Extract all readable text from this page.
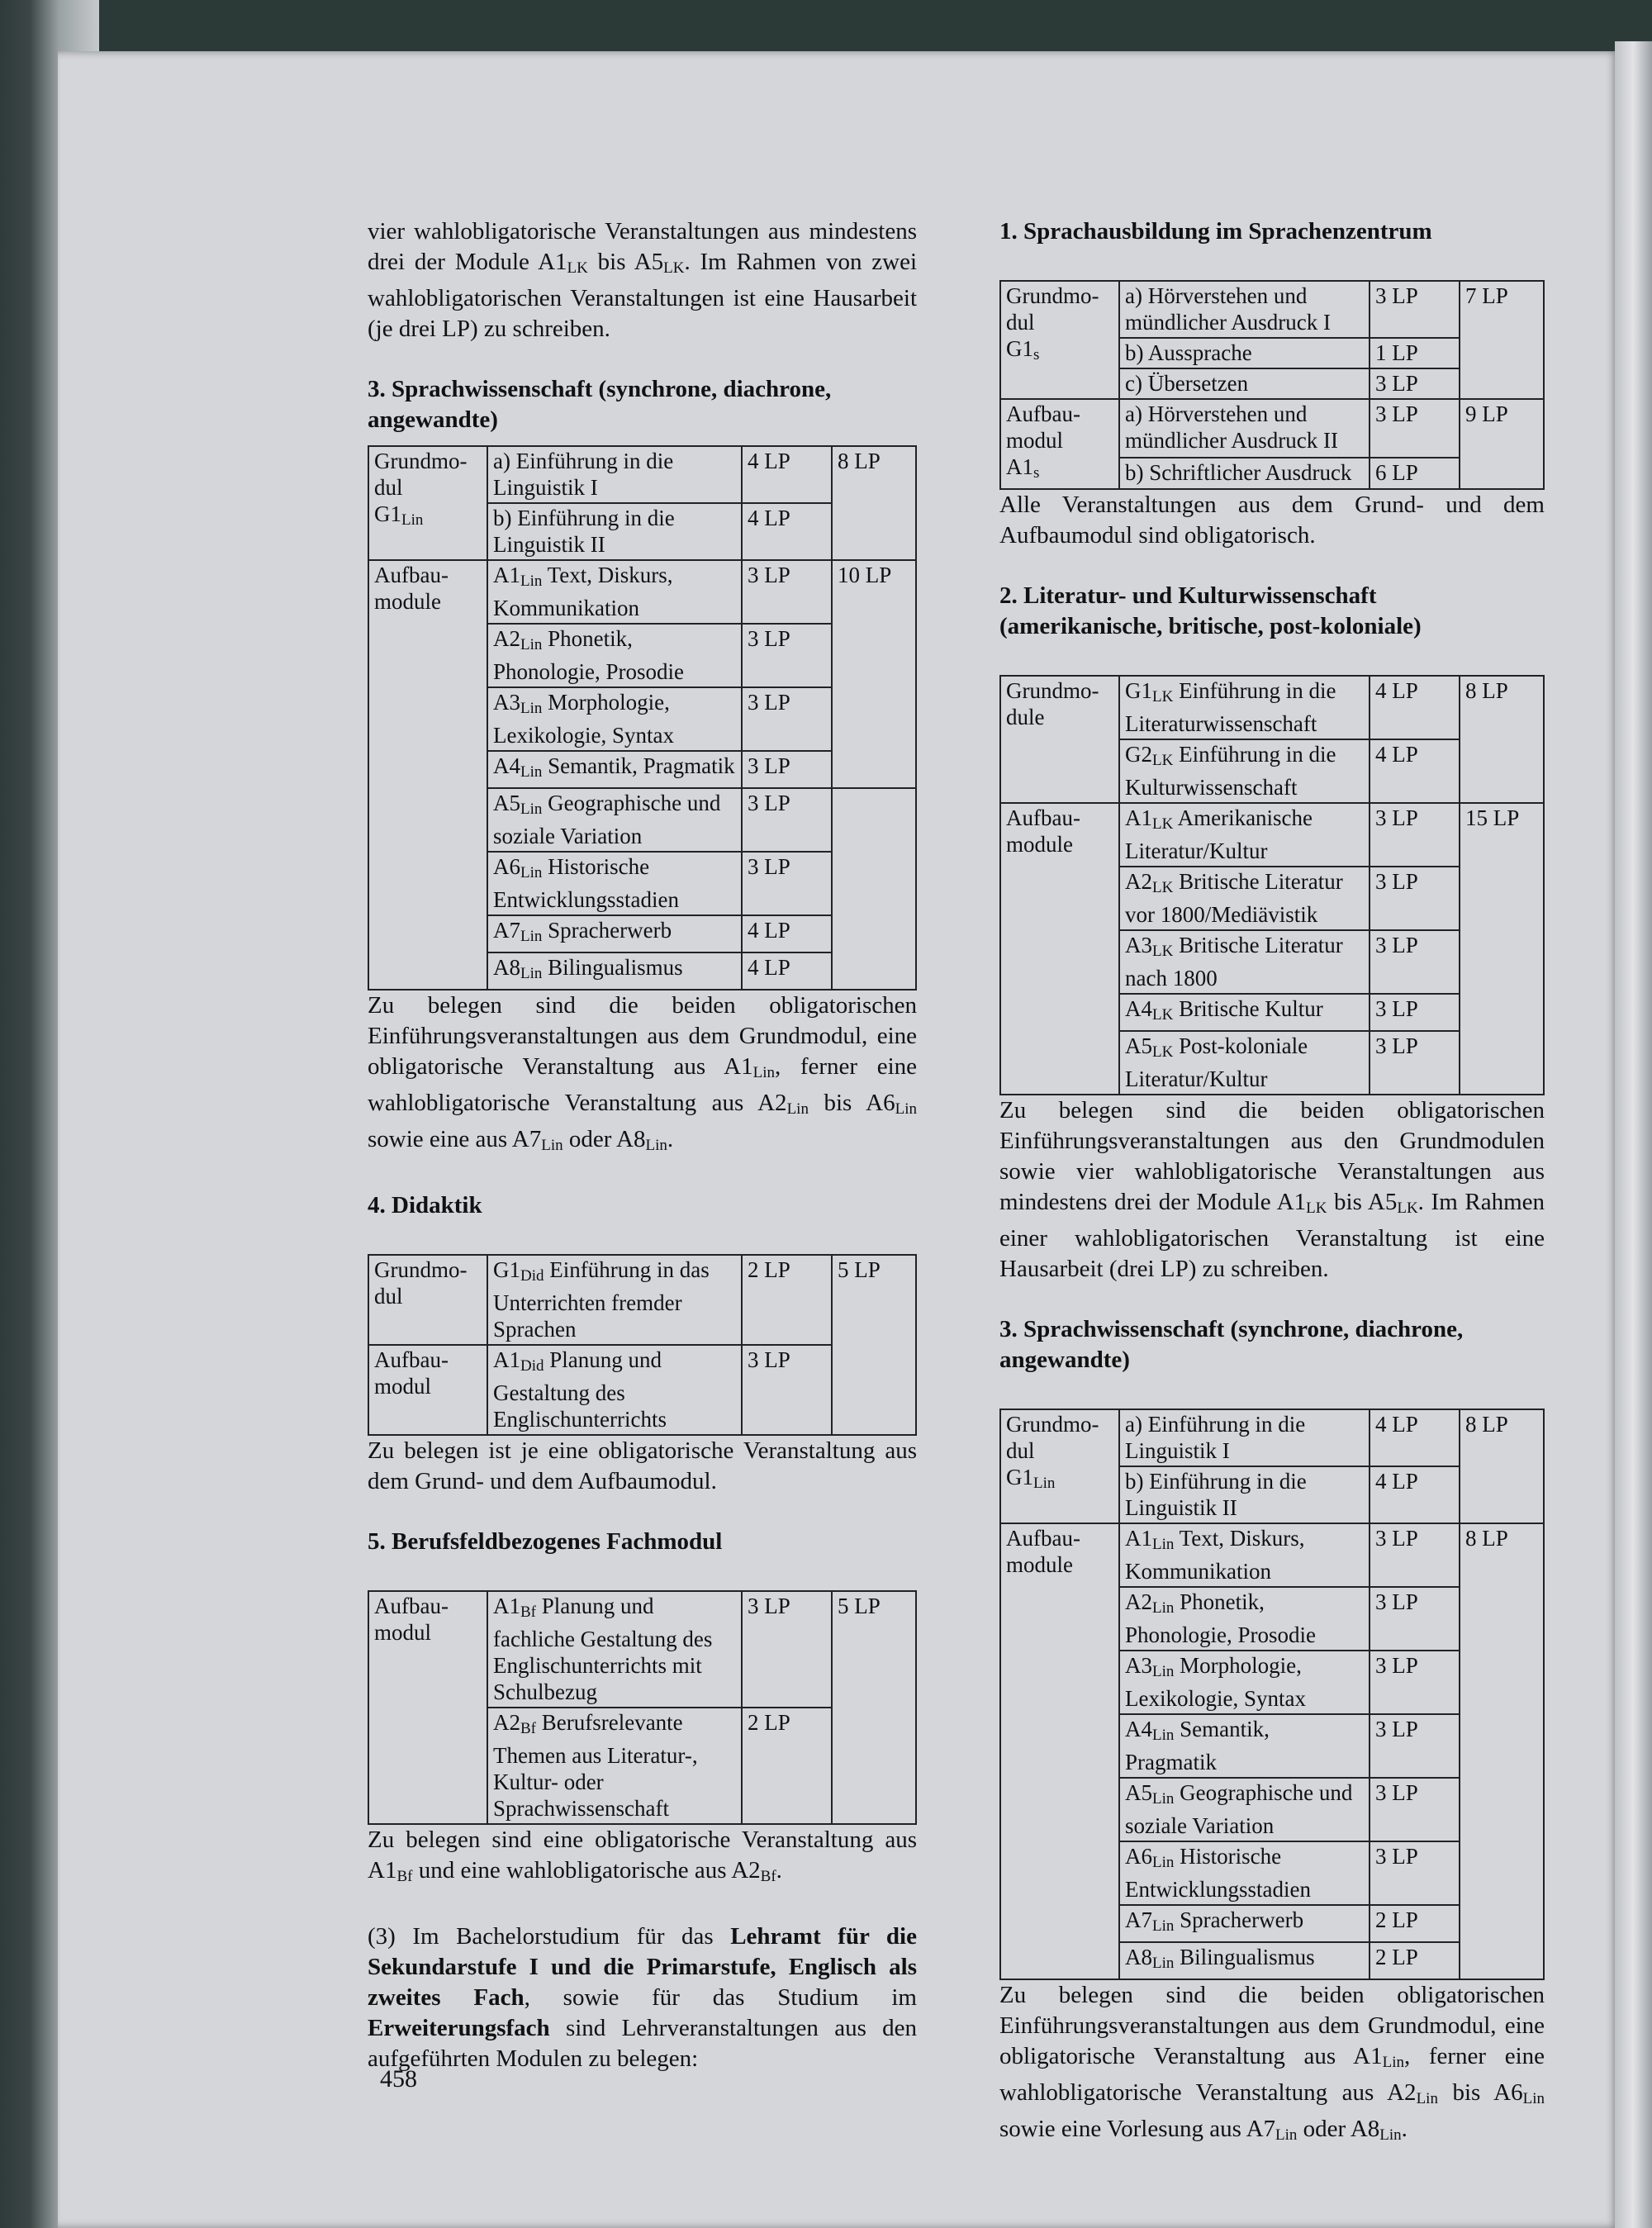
vier wahlobligatorische Veranstaltungen aus mindestens drei der Module $A1_{LK}$ bis $A5_{LK}$. Im Rahmen von zwei wahlobligatorischen Veranstaltungen ist eine Hausarbeit (je drei LP) zu schreiben.

3. Sprachwissenschaft (synchrone, diachrone, angewandte)
Grundmo-
dul
$G1_{Lin}$	a) Einführung in die Linguistik I	4 LP	8 LP
	b) Einführung in die Linguistik II	4 LP	
Aufbau-
module	$A1_{Lin}$ Text, Diskurs, Kommunikation	3 LP	10 LP
	$A2_{Lin}$ Phonetik, Phonologie, Prosodie	3 LP	
	$A3_{Lin}$ Morphologie, Lexikologie, Syntax	3 LP	
	$A4_{Lin}$ Semantik, Pragmatik	3 LP	
	$A5_{Lin}$ Geographische und soziale Variation	3 LP	
	$A6_{Lin}$ Historische Entwicklungsstadien	3 LP	
	$A7_{Lin}$ Spracherwerb	4 LP	
	$A8_{Lin}$ Bilingualismus	4 LP	

Zu belegen sind die beiden obligatorischen Einführungsveranstaltungen aus dem Grundmodul, eine obligatorische Veranstaltung aus $A1_{Lin}$, ferner eine wahlobligatorische Veranstaltung aus $A2_{Lin}$ bis $A6_{Lin}$ sowie eine aus $A7_{Lin}$ oder $A8_{Lin}$.

4. Didaktik
Grundmo-
dul	$G1_{Did}$ Einführung in das Unterrichten fremder Sprachen	2 LP	5 LP
Aufbau-
modul	$A1_{Did}$ Planung und Gestaltung des Englischunterrichts	3 LP	

Zu belegen ist je eine obligatorische Veranstaltung aus dem Grund- und dem Aufbaumodul.

5. Berufsfeldbezogenes Fachmodul
Aufbau-
modul	$A1_{Bf}$ Planung und fachliche Gestaltung des Englischunterrichts mit Schulbezug	3 LP	5 LP
	$A2_{Bf}$ Berufsrelevante Themen aus Literatur-, Kultur- oder Sprachwissenschaft	2 LP	

Zu belegen sind eine obligatorische Veranstaltung aus $A1_{Bf}$ und eine wahlobligatorische aus $A2_{Bf}$.

(3) Im Bachelorstudium für das Lehramt für die Sekundarstufe I und die Primarstufe, Englisch als zweites Fach, sowie für das Studium im Erweiterungsfach sind Lehrveranstaltungen aus den aufgeführten Modulen zu belegen:

1. Sprachausbildung im Sprachenzentrum
Grundmo-
dul
$G1_s$	a) Hörverstehen und mündlicher Ausdruck I	3 LP	7 LP
	b) Aussprache	1 LP	
	c) Übersetzen	3 LP	
Aufbau-
modul
$A1_s$	a) Hörverstehen und mündlicher Ausdruck II	3 LP	9 LP
	b) Schriftlicher Ausdruck	6 LP	

Alle Veranstaltungen aus dem Grund- und dem Aufbaumodul sind obligatorisch.

2. Literatur- und Kulturwissenschaft (amerikanische, britische, post-koloniale)
Grundmo-
dule	$G1_{LK}$ Einführung in die Literaturwissenschaft	4 LP	8 LP
	$G2_{LK}$ Einführung in die Kulturwissenschaft	4 LP	
Aufbau-
module	$A1_{LK}$ Amerikanische Literatur/Kultur	3 LP	15 LP
	$A2_{LK}$ Britische Literatur vor 1800/Mediävistik	3 LP	
	$A3_{LK}$ Britische Literatur nach 1800	3 LP	
	$A4_{LK}$ Britische Kultur	3 LP	
	$A5_{LK}$ Post-koloniale Literatur/Kultur	3 LP	

Zu belegen sind die beiden obligatorischen Einführungsveranstaltungen aus den Grundmodulen sowie vier wahlobligatorische Veranstaltungen aus mindestens drei der Module $A1_{LK}$ bis $A5_{LK}$. Im Rahmen einer wahlobligatorischen Veranstaltung ist eine Hausarbeit (drei LP) zu schreiben.

3. Sprachwissenschaft (synchrone, diachrone, angewandte)
Grundmo-
dul
$G1_{Lin}$	a) Einführung in die Linguistik I	4 LP	8 LP
	b) Einführung in die Linguistik II	4 LP	
Aufbau-
module	$A1_{Lin}$ Text, Diskurs, Kommunikation	3 LP	8 LP
	$A2_{Lin}$ Phonetik, Phonologie, Prosodie	3 LP	
	$A3_{Lin}$ Morphologie, Lexikologie, Syntax	3 LP	
	$A4_{Lin}$ Semantik, Pragmatik	3 LP	
	$A5_{Lin}$ Geographische und soziale Variation	3 LP	
	$A6_{Lin}$ Historische Entwicklungsstadien	3 LP	
	$A7_{Lin}$ Spracherwerb	2 LP	
	$A8_{Lin}$ Bilingualismus	2 LP	

Zu belegen sind die beiden obligatorischen Einführungsveranstaltungen aus dem Grundmodul, eine obligatorische Veranstaltung aus $A1_{Lin}$, ferner eine wahlobligatorische Veranstaltung aus $A2_{Lin}$ bis $A6_{Lin}$ sowie eine Vorlesung aus $A7_{Lin}$ oder $A8_{Lin}$.

458
